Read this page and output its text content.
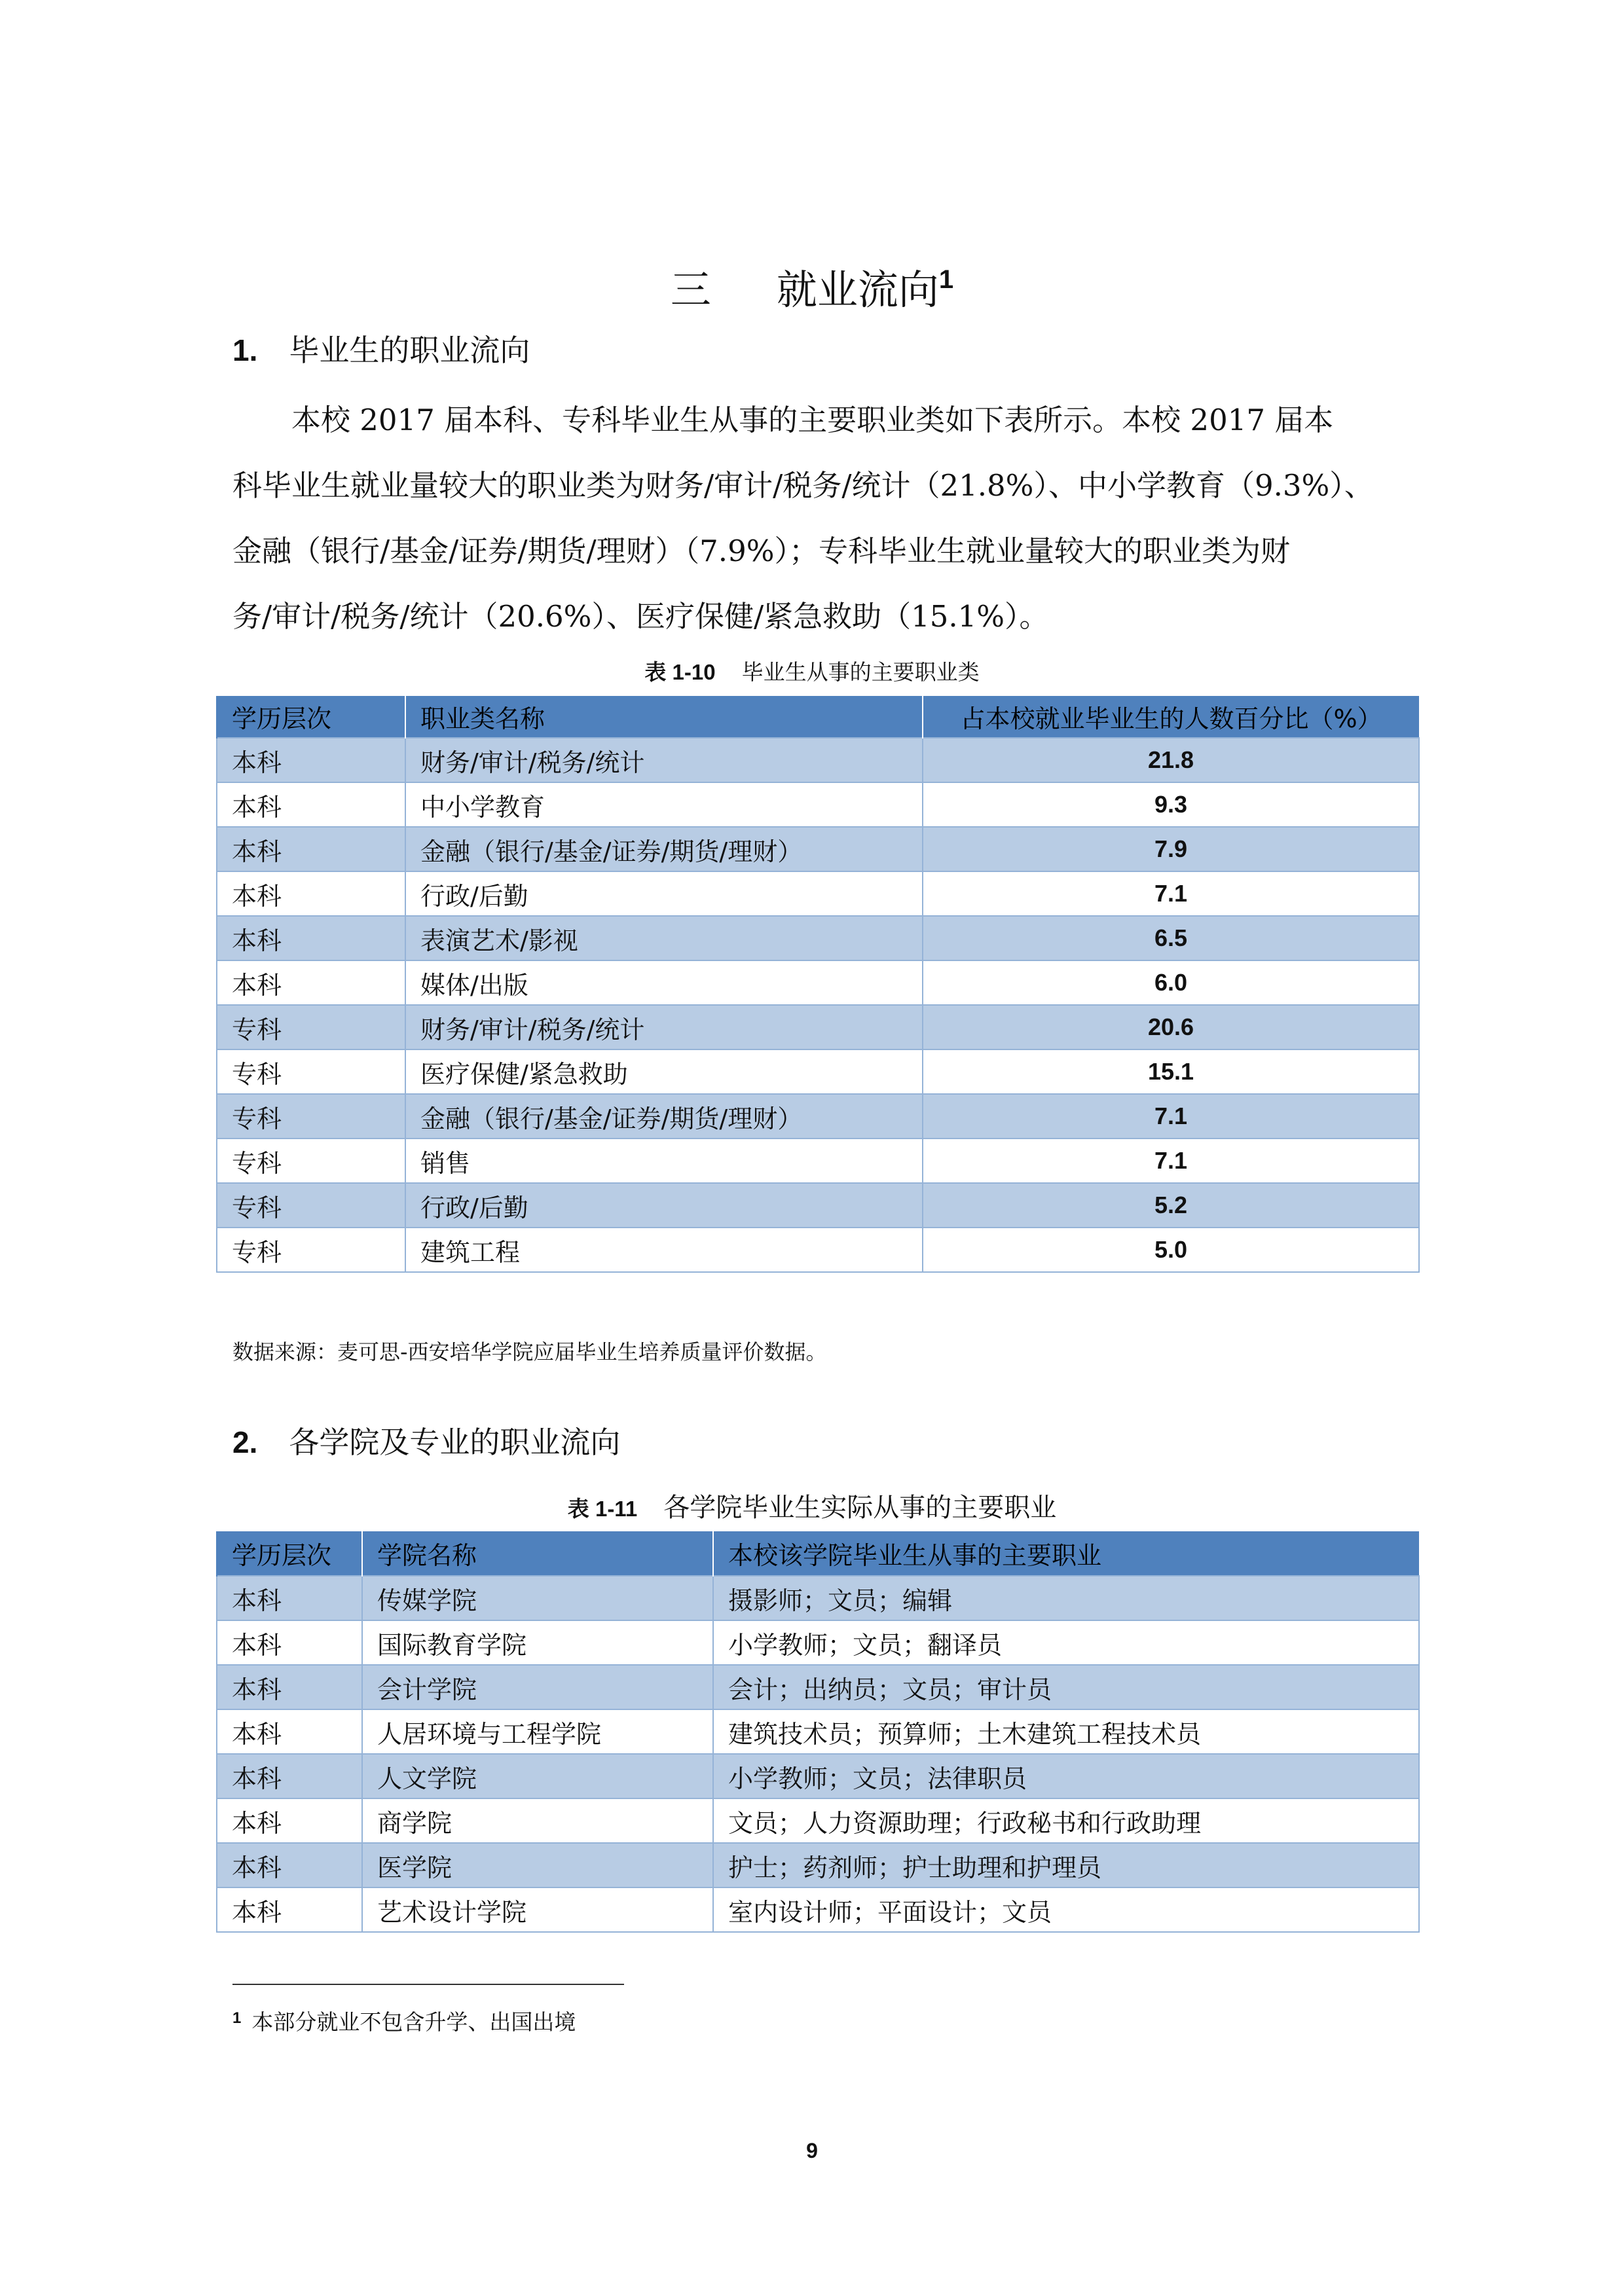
三 就业流向$^1$
1. 毕业生的职业流向
本校 2017 届本科、专科毕业生从事的主要职业类如下表所示。本校 2017 届本
科毕业生就业量较大的职业类为财务/审计/税务/统计（21.8%）、中小学教育（9.3%）、
金融（银行/基金/证券/期货/理财）（7.9%）；专科毕业生就业量较大的职业类为财
务/审计/税务/统计（20.6%）、医疗保健/紧急救助（15.1%）。
表 1-10 毕业生从事的主要职业类
学历层次	职业类名称	占本校就业毕业生的人数百分比（%）
本科	财务/审计/税务/统计	21.8
本科	中小学教育	9.3
本科	金融（银行/基金/证券/期货/理财）	7.9
本科	行政/后勤	7.1
本科	表演艺术/影视	6.5
本科	媒体/出版	6.0
专科	财务/审计/税务/统计	20.6
专科	医疗保健/紧急救助	15.1
专科	金融（银行/基金/证券/期货/理财）	7.1
专科	销售	7.1
专科	行政/后勤	5.2
专科	建筑工程	5.0
数据来源：麦可思-西安培华学院应届毕业生培养质量评价数据。
2. 各学院及专业的职业流向
表 1-11 各学院毕业生实际从事的主要职业
学历层次	学院名称	本校该学院毕业生从事的主要职业
本科	传媒学院	摄影师；文员；编辑
本科	国际教育学院	小学教师；文员；翻译员
本科	会计学院	会计；出纳员；文员；审计员
本科	人居环境与工程学院	建筑技术员；预算师；土木建筑工程技术员
本科	人文学院	小学教师；文员；法律职员
本科	商学院	文员；人力资源助理；行政秘书和行政助理
本科	医学院	护士；药剂师；护士助理和护理员
本科	艺术设计学院	室内设计师；平面设计；文员
$^1$ 本部分就业不包含升学、出国出境
9
